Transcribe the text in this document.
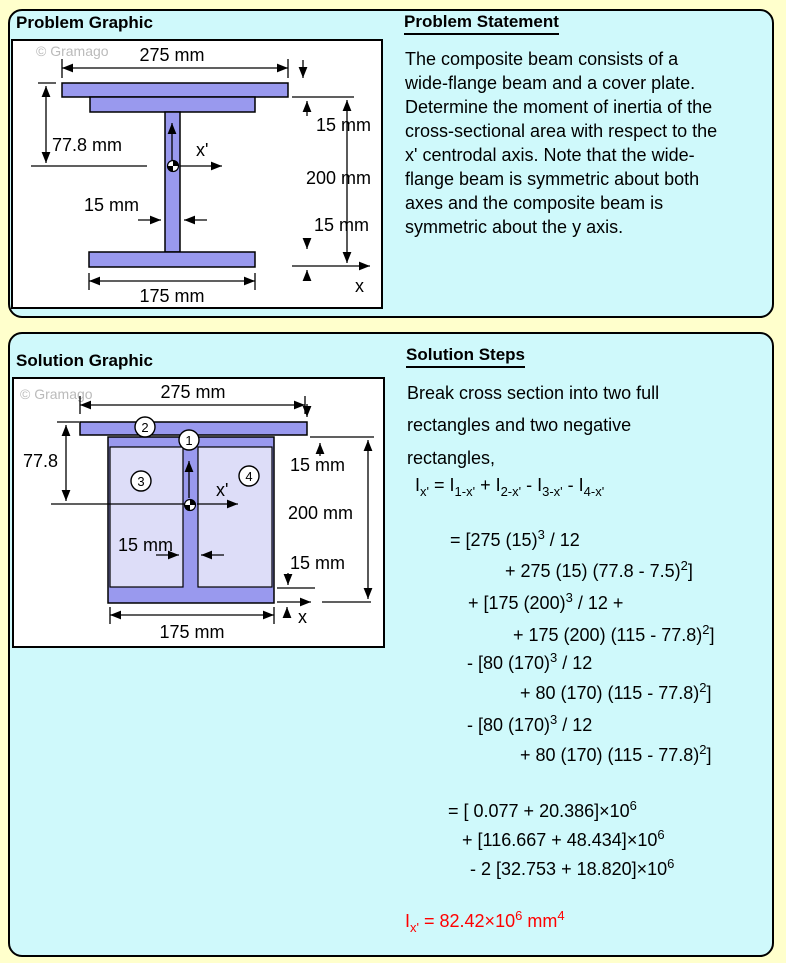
Problem Graphic	Problem Statement
The composite beam consists of a
wide-flange beam and a cover plate.
Determine the moment of inertia of the
cross-sectional area with respect to the
x' centrodal axis. Note that the wide-
flange beam is symmetric about both
axes and the composite beam is
symmetric about the y axis.
© Gramago 275 mm
15 mm
200 mm
15 mm
x
77.8 mm
15 mm
x'
175 mm
Solution Graphic	Solution Steps
Break cross section into two full
rectangles and two negative
rectangles,
$I_{x'} = I_{1-x'} + I_{2-x'} - I_{3-x'} - I_{4-x'}$
= [275 $(15)^3 / 12$
+ 275 (15) (77.8 - 7.5)$^2$]
+ [175 $(200)^3 / 12$ +
+ 175 (200) (115 - 77.8)$^2$]
- [80 $(170)^3 / 12$
+ 80 (170) (115 - 77.8)$^2$]
- [80 $(170)^3 / 12$
+ 80 (170) (115 - 77.8)$^2$]
= [ $0.077 + 20.386]\times 10^6$
+ $[116.667 + 48.434]\times 10^6$
- 2 $[32.753 + 18.820]\times 10^6$
$I_{x'} = 82.42\times 10^6$ $mm^4$
© Gramago	275 mm
77.8	15 mm
200 mm
15 mm
x
15 mm
x'
2
1
3	4
175 mm
